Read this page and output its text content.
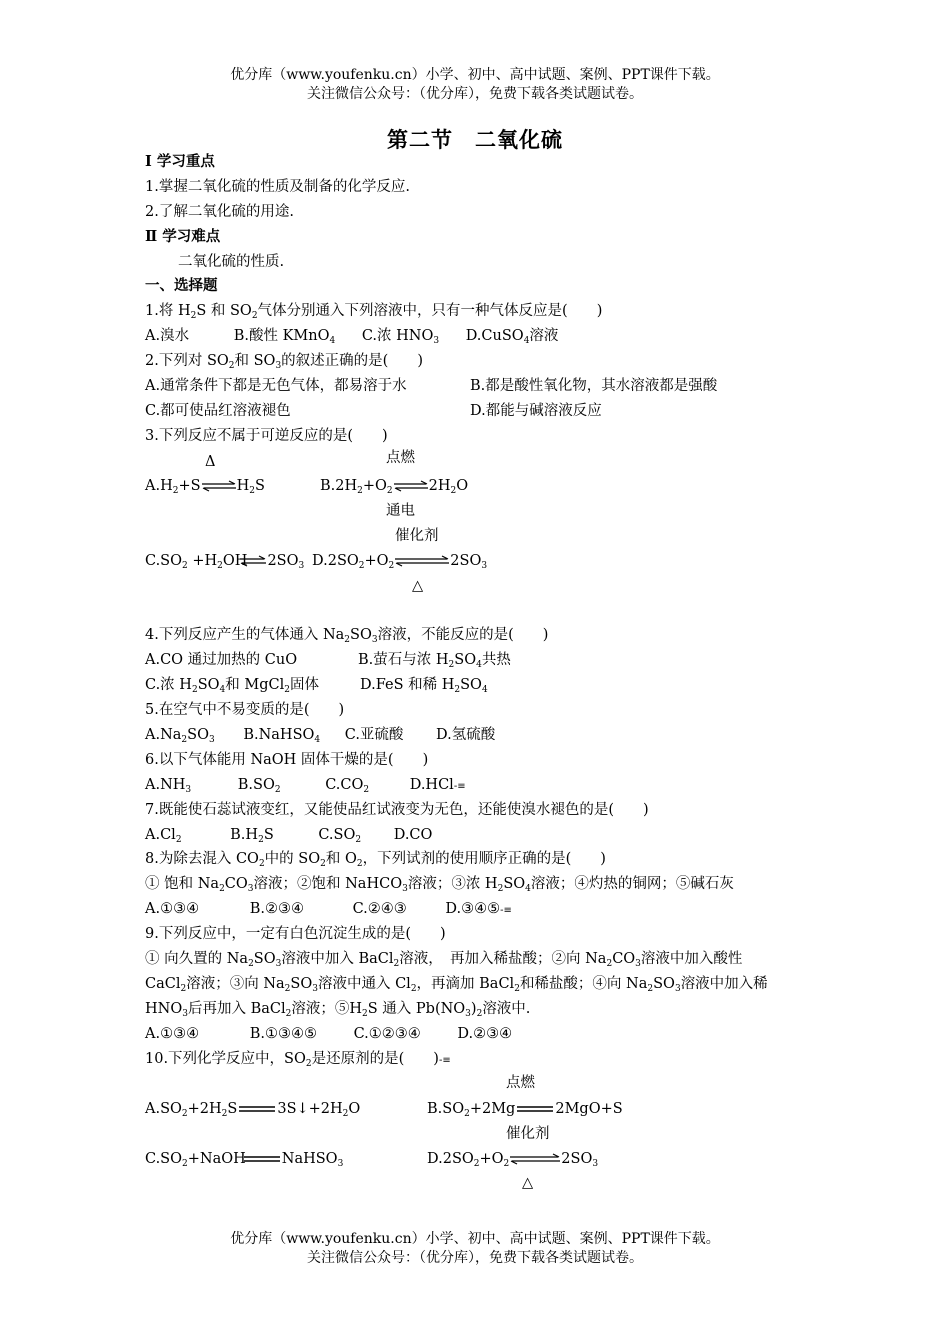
优分库（www.youfenku.cn）小学、初中、高中试题、案例、PPT课件下载。
关注微信公众号：（优分库），免费下载各类试题试卷。
第二节　二氧化硫
Ⅰ 学习重点
1.掌握二氧化硫的性质及制备的化学反应.
2.了解二氧化硫的用途.
Ⅱ 学习难点
二氧化硫的性质.
一、选择题
1.将 $H_2S$ 和 $SO_2$气体分别通入下列溶液中，只有一种气体反应是(　　)
A.溴水	B.酸性 KMnO$_4$ C.浓 $HNO_3$ D.CuSO$_4$溶液
2.下列对 $SO_2$和 $SO_3$的叙述正确的是(　　)
A.通常条件下都是无色气体，都易溶于水	B.都是酸性氧化物，其水溶液都是强酸
C.都可使品红溶液褪色	D.都能与碱溶液反应
3.下列反应不属于可逆反应的是(　　)
Δ	点燃
$A.H_2+S\rightleftharpoons H_2S$	$B.2H_2+O_2\rightleftharpoons 2H_2O$
通电
催化剂
$C.SO_2 +H_2OH$ $\rightleftharpoons 2SO_3$ $D.2SO_2+O_2\rightleftharpoons 2SO_3$
△
4.下列反应产生的气体通入 $Na_2SO_3$溶液，不能反应的是(　　)
A.CO 通过加热的 CuO	B.萤石与浓 $H_2SO_4$共热
C.浓 $H_2SO_4$和 MgCl$_2$固体	D.FeS 和稀 $H_2SO_4$
5.在空气中不易变质的是(　　)
$A.Na_2SO_3$ B.NaHSO$_4$ C.亚硫酸 D.氢硫酸
6.以下气体能用 NaOH 固体干燥的是(　　)
$A.NH_3$	$B.SO_2$	$C.CO_2$	D.HCl-≡
7.既能使石蕊试液变红，又能使品红试液变为无色，还能使溴水褪色的是(　　)
$A.Cl_2$	$B.H_2S$	$C.SO_2$ D.CO
8.为除去混入 $CO_2$中的 $SO_2$和 $O_2$，下列试剂的使用顺序正确的是(　　)
① 饱和 $Na_2CO_3$溶液；②饱和 NaHCO$_3$溶液；③浓 $H_2SO_4$溶液；④灼热的铜网；⑤碱石灰
A.①③④	B.②③④	C.②④③	D.③④⑤-≡
9.下列反应中，一定有白色沉淀生成的是(　　)
① 向久置的 $Na_2SO_3$溶液中加入 BaCl$_2$溶液，　再加入稀盐酸；②向 $Na_2CO_3$溶液中加入酸性
CaCl$_2$溶液；③向 $Na_2SO_3$溶液中通入 $Cl_2$，再滴加 BaCl$_2$和稀盐酸；④向 $Na_2SO_3$溶液中加入稀
$HNO_3$后再加入 BaCl$_2$溶液；$⑤H_2S$ 通入 $Pb(NO_3)_2$溶液中.
A.①③④	B.①③④⑤	C.①②③④	D.②③④
10.下列化学反应中，$SO_2$是还原剂的是(　　)-≡
点燃
$A.SO_2+2H_2S$	$3S↓+2H_2O$	$B.SO_2+2Mg$	2MgO+S
催化剂
$C.SO_2+NaOH$ NaHSO$_3$	$D.2SO_2+O_2\rightleftharpoons 2SO_3$
△
优分库（www.youfenku.cn）小学、初中、高中试题、案例、PPT课件下载。
关注微信公众号：（优分库），免费下载各类试题试卷。
